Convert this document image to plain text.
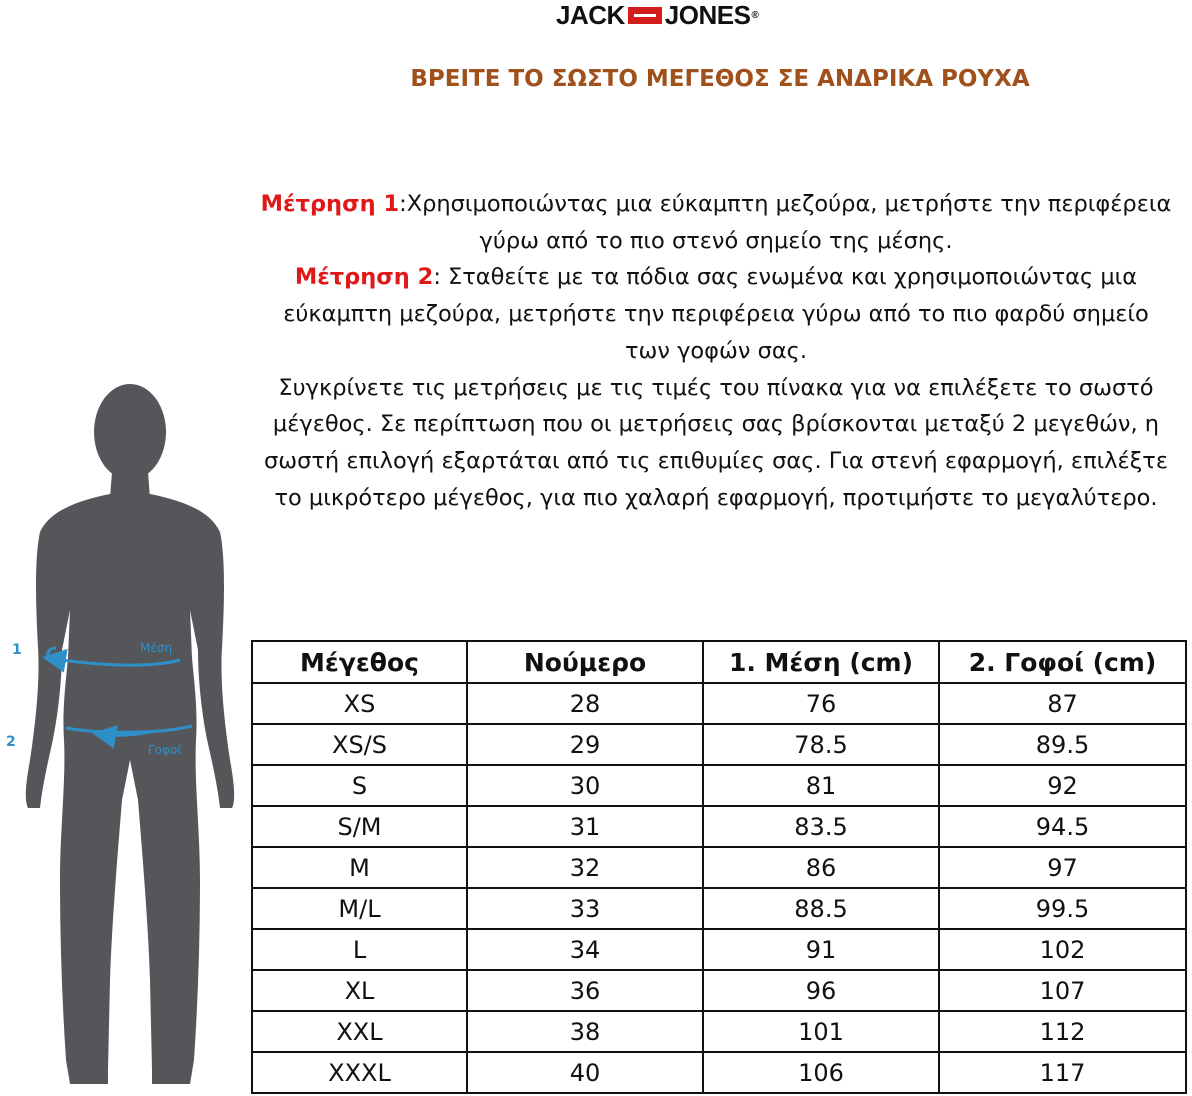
JACK JONES ®
ΒΡΕΙΤΕ ΤΟ ΣΩΣΤΟ ΜΕΓΕΘΟΣ ΣΕ ΑΝΔΡΙΚΑ ΡΟΥΧΑ
Μέτρηση 1:Χρησιμοποιώντας μια εύκαμπτη μεζούρα, μετρήστε την περιφέρεια γύρω από το πιο στενό σημείο της μέσης.
Μέτρηση 2: Σταθείτε με τα πόδια σας ενωμένα και χρησιμοποιώντας μια εύκαμπτη μεζούρα, μετρήστε την περιφέρεια γύρω από το πιο φαρδύ σημείο των γοφών σας.
Συγκρίνετε τις μετρήσεις με τις τιμές του πίνακα για να επιλέξετε το σωστό μέγεθος. Σε περίπτωση που οι μετρήσεις σας βρίσκονται μεταξύ 2 μεγεθών, η σωστή επιλογή εξαρτάται από τις επιθυμίες σας. Για στενή εφαρμογή, επιλέξτε το μικρότερο μέγεθος, για πιο χαλαρή εφαρμογή, προτιμήστε το μεγαλύτερο.
1	Μέση
2	Γοφοί
Μέγεθος	Νούμερο	1. Μέση (cm)	2. Γοφοί (cm)
XS	28	76	87
XS/S	29	78.5	89.5
S	30	81	92
S/M	31	83.5	94.5
M	32	86	97
M/L	33	88.5	99.5
L	34	91	102
XL	36	96	107
XXL	38	101	112
XXXL	40	106	117
